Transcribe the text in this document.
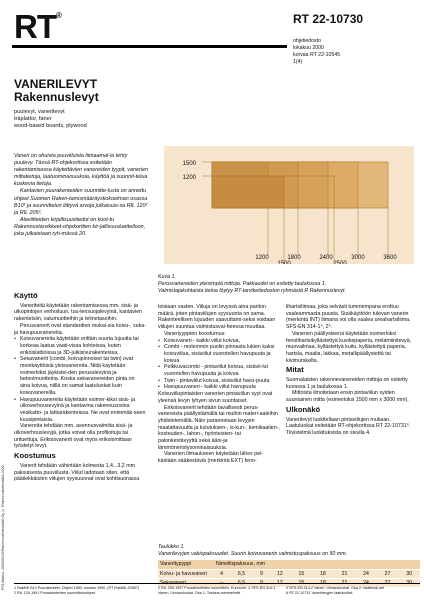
RT®	RT 22-10730
ohjetiedosto
lokakuu 2000
korvaa RT 22-10545
1(4)
VANERILEVYT
Rakennuslevyt
puulevyt, vanerilevyt
träplattor, faner
wood-based boards, plywood

Vaneri on ohuista puuviiluista liimaamal-la tehty puulevy. Tässä RT-ohjekortissa esitetään rakentamisessa käytettävien vanereiden tyypit, vanerien mittatietoja, laatuominaisuuksia, käyttöä ja suunnit-telua koskevia tietoja.

Kantavien puurakenteiden suunnitte-lusta on annettu ohjeet Suomen Raken-tamismääräyskokoelman osassa B10¹ ja suunnittelun liittyvä arvoja julkaisuis-sa RIL 120² ja RIL 205³.

Alaviitteiden kirjallisuustiedot on koot-tu Rakennustarvikkeet-ohjekorttien kir-jallisuusluettelloon, joka julkaistaan ryh-mässä 20.

PS1/ttilaisu: 2000/05/20/Rakennustietosäätiö Oy © Rakennustietosäätiö 2000
1500
1200
1200	1800	2400	3000	3600
1500	2500
Kuva 1.
Perusvanereiden yleisimpiä mittoja. Pakkaudet on esitetty taulukossa 1.
Valmistajakohtaista tietoa löytyy RT-tarviketiedoston ryhmästä R Rakennuslevyt.
Käyttö

Vaneriteitä käytetään rakentamisessa mm. sisä- ja ulkopintojen verhoiluun, tuu-lensuojalevyinä, kantavien rakenteisiin, valumuotteihin ja telinetasoihin.

Perusvanerit ovat standardien mukai-sia koivu-, seka- ja havupuuvanereita.

• Koivuvanereita käytetään erittäin suurta lujuutta tai korkeaa laatua vaati-vissa kohteissa, kuten erikoislattioissa ja 3D-julkisivurakenteissa.
• Sekavanerit (combi, koivupinnoiset tai twin) ovat monikäyttöisiä yleisvanereita. Niitä käytetään esimerkiksi jäykistei-den perusslevyinä ja betonimuotteina. Koska sekavanereiden pinta on aina koivua, niillä on samat laatuluokat kuin koivuvanereilla.
• Havupuuvanereita käytetään esimer-kiksi sisä- ja ulkoverhousevyinä ja kantavina rakennusosina vesikatto- ja lattiarakenteissa. Ne ovat enimmäk-seen kuusipintaisia.

Vanereita tehdään mm. asennusvalmiita sisä- ja ulkoverhouslevyjä, jotka voivat olla profiloituja tai urituettuja. Erikoisvanerit ovat myös erikoismittaan työstetyt levyt.

Koostumus

Vanerit tehdään vähintään kolmesta 1,4...3,2 mm paksuisesta puuviilusta. Viilut ladotaan siten, että pääilekkäisten viilujen syysuunnat ovat kohtisuorassa

toisiaan vasten. Viiluja on levyssä aina pariton määrä, joten pintaviilujen syysuunta on sama. Rakenteellisen lujuuden saavuttami-seksi voidaan viilujen suuntaa valmistusvai-heessa muuttaa.

Vaneriyyppien koostumus:

• Koivuvaneri - kaikki viilut koivua,
• Combi - molemmin puolin pinnasta lukien kaksi koivuviilua, sisäviilut vuorotellen havupuuta ja koivua
• Pelkkuvacombi - pintaviilut koivua, sisävii-lut vuorotellen havupuuta ja koivua
• Twin - pintaviilut koivua, sisäviilut havu-puuta
• Havupuuvaneri - kaikki viilut havupuuta

Koivuviilupintaisten vanerien pintaviilun syyt ovat yleensä levyn lyhyen sivun suuntaiset.

Erikoisvanerit tehdään tavallisesti perus-vanereista päällystämällä tai muihin materi-aaleihin yhdistelemällä. Näin parannetaan levyjen maalattavuutta ja kulutuksen-, is-kun-, kemikaalien-, kosteuden-, lahon-, hyönteisten- tai palonkestävyyttä sekä ääni-ja lämmöneristysominaisuuksia.

Vanerien liimaukseen käytetään lähes pel-kästään sääkestäviä (merkintä EXT) feno-

lihartsiliimaa, joka selvästi tummempana erottuu vaaleammasta puusta. Sisäkäyttöön tulevan vanerin (merkintä INT) liimana voi olla vaalea ureahartsiliima. SFS-EN 314-1⁴, 2⁵.

Vanerien päällysteenä käytetään esimerkiksi fenolihartsikyllästettyä kuvikepaperia, melamiinilevyä, muovailmaa, kyllästettyä kuitu, kyllästettyä paperia, hartsia, maalia, lakkaa, metallipäällystettä tai kivimurskelta.

Mitat

Suomalaisten rakennevanereiden mittoja on esitetty kuvassa 1 ja taulukossa 1.

Mittoista ilmoitetaan ensin pintaviilun syiden suuntainen mitta (esimerkiksi 1500 mm x 3000 mm).

Ulkonäkö

Vanerilevyt luokitellaan pintaviilujen mukaan. Laatuluokat esitetään RT-ohjekortissa RT 22-10731⁶. Tiivistelmä luokituksista on sivulla 4.

Taulukko 1.
Vanerilevyjen vakiopaksuudet. Suurin koivuvanerin valmistuspaksuus on 50 mm.
Vaneritypyppi	Nimellispaksuus, mm									
Koivu- ja havuvaneri	4	6,5	9	12	15	18	21	24	27	30

1 RakMK B10 Puurakenteet. Ohjeet 1983, muutos 1990. (RT RakMK-20957)
2 RIL 120-1991 Puurakenteiden suunnitteluohjeet.
2 RIL 205-1997 Puurakenteiden suunnittelu. Eurocorrr. 4 SFS-EN 314-1 Vaneri. Liimausluokat. Osa 1: Testaus-menetelmät.
3 SFS-EN 314-2 Vaneri. Liimausluokat. Osa 2: Vaatimuk-set
6 RT 22-10731 Vanerilevyjen laatuluokat.
